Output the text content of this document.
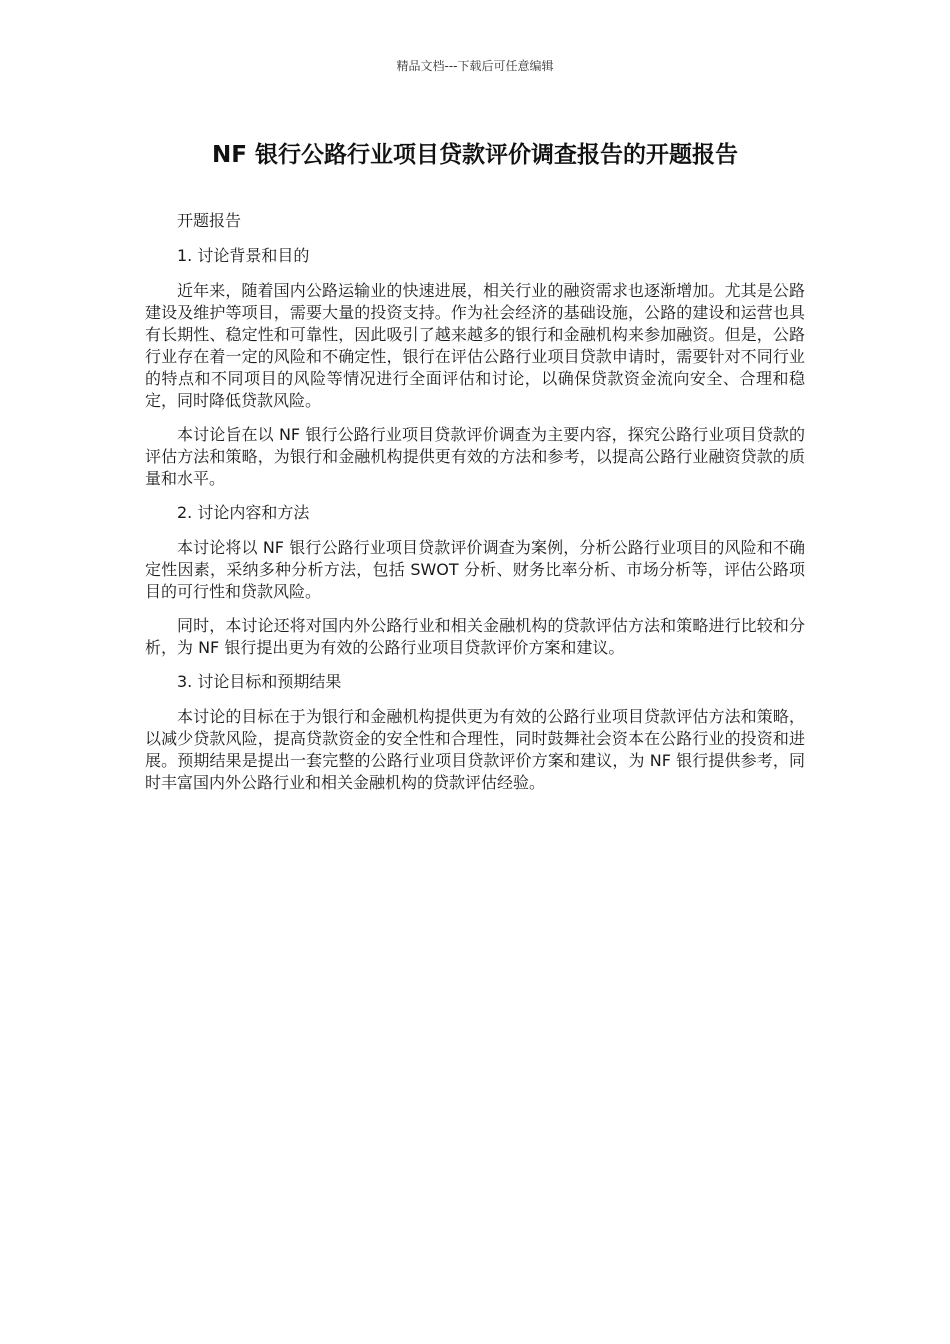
精品文档---下载后可任意编辑
NF 银行公路行业项目贷款评价调查报告的开题报告

开题报告

1. 讨论背景和目的

近年来，随着国内公路运输业的快速进展，相关行业的融资需求也逐渐增加。尤其是公路建设及维护等项目，需要大量的投资支持。作为社会经济的基础设施，公路的建设和运营也具有长期性、稳定性和可靠性，因此吸引了越来越多的银行和金融机构来参加融资。但是，公路行业存在着一定的风险和不确定性，银行在评估公路行业项目贷款申请时，需要针对不同行业的特点和不同项目的风险等情况进行全面评估和讨论，以确保贷款资金流向安全、合理和稳定，同时降低贷款风险。

本讨论旨在以 NF 银行公路行业项目贷款评价调查为主要内容，探究公路行业项目贷款的评估方法和策略，为银行和金融机构提供更有效的方法和参考，以提高公路行业融资贷款的质量和水平。

2. 讨论内容和方法

本讨论将以 NF 银行公路行业项目贷款评价调查为案例，分析公路行业项目的风险和不确定性因素，采纳多种分析方法，包括 SWOT 分析、财务比率分析、市场分析等，评估公路项目的可行性和贷款风险。

同时，本讨论还将对国内外公路行业和相关金融机构的贷款评估方法和策略进行比较和分析，为 NF 银行提出更为有效的公路行业项目贷款评价方案和建议。

3. 讨论目标和预期结果

本讨论的目标在于为银行和金融机构提供更为有效的公路行业项目贷款评估方法和策略，以减少贷款风险，提高贷款资金的安全性和合理性，同时鼓舞社会资本在公路行业的投资和进展。预期结果是提出一套完整的公路行业项目贷款评价方案和建议，为 NF 银行提供参考，同时丰富国内外公路行业和相关金融机构的贷款评估经验。
